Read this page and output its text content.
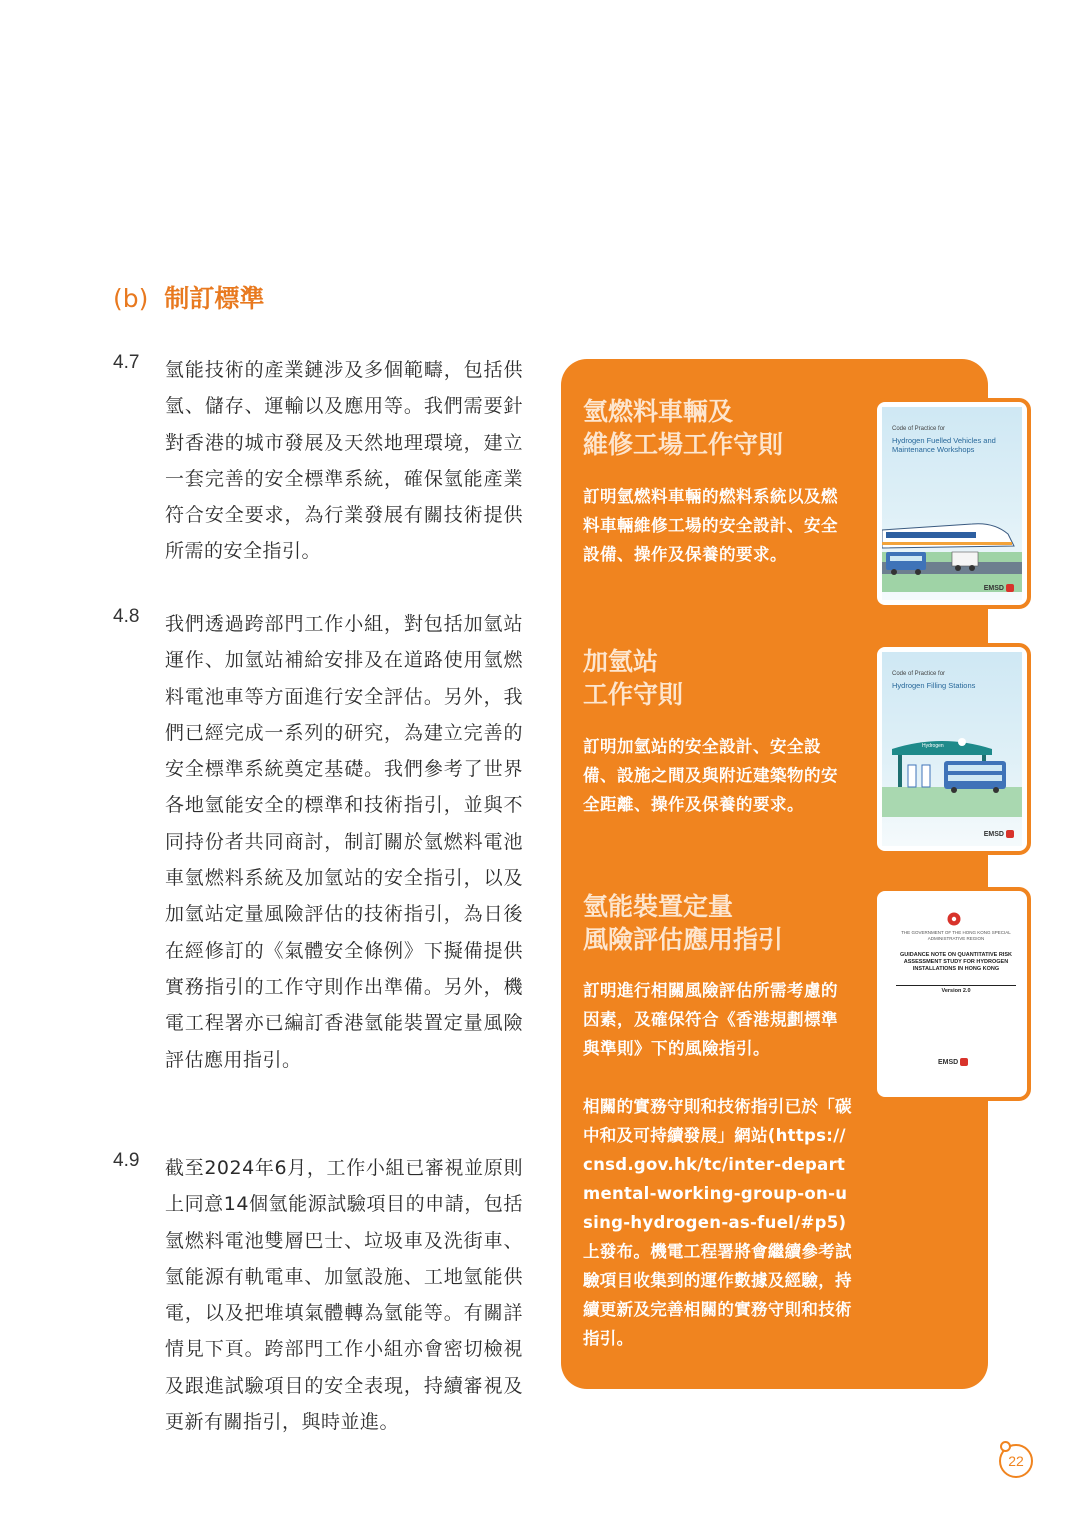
(b) 制訂標準
4.7 氫能技術的產業鏈涉及多個範疇，包括供氫、儲存、運輸以及應用等。我們需要針對香港的城市發展及天然地理環境，建立一套完善的安全標準系統，確保氫能產業符合安全要求，為行業發展有關技術提供所需的安全指引。
4.8 我們透過跨部門工作小組，對包括加氫站運作、加氫站補給安排及在道路使用氫燃料電池車等方面進行安全評估。另外，我們已經完成一系列的研究，為建立完善的安全標準系統奠定基礎。我們參考了世界各地氫能安全的標準和技術指引，並與不同持份者共同商討，制訂關於氫燃料電池車氫燃料系統及加氫站的安全指引，以及加氫站定量風險評估的技術指引，為日後在經修訂的《氣體安全條例》下擬備提供實務指引的工作守則作出準備。另外，機電工程署亦已編訂香港氫能裝置定量風險評估應用指引。
4.9 截至2024年6月，工作小組已審視並原則上同意14個氫能源試驗項目的申請，包括氫燃料電池雙層巴士、垃圾車及洗街車、氫能源有軌電車、加氫設施、工地氫能供電，以及把堆填氣體轉為氫能等。有關詳情見下頁。跨部門工作小組亦會密切檢視及跟進試驗項目的安全表現，持續審視及更新有關指引，與時並進。
氫燃料車輛及
維修工場工作守則
訂明氫燃料車輛的燃料系統以及燃料車輛維修工場的安全設計、安全設備、操作及保養的要求。
Code of Practice for
Hydrogen Fuelled Vehicles and Maintenance Workshops
EMSD
加氫站
工作守則
訂明加氫站的安全設計、安全設備、設施之間及與附近建築物的安全距離、操作及保養的要求。
Code of Practice for
Hydrogen Filling Stations
Hydrogen
EMSD
氫能裝置定量
風險評估應用指引
訂明進行相關風險評估所需考慮的因素，及確保符合《香港規劃標準與準則》下的風險指引。
THE GOVERNMENT OF THE HONG KONG SPECIAL ADMINISTRATIVE REGION
GUIDANCE NOTE ON QUANTITATIVE RISK ASSESSMENT STUDY FOR HYDROGEN INSTALLATIONS IN HONG KONG
Version 2.0
EMSD
相關的實務守則和技術指引已於「碳中和及可持續發展」網站(https://cnsd.gov.hk/tc/inter-departmental-working-group-on-using-hydrogen-as-fuel/#p5) 上發布。機電工程署將會繼續參考試驗項目收集到的運作數據及經驗，持續更新及完善相關的實務守則和技術指引。
22
